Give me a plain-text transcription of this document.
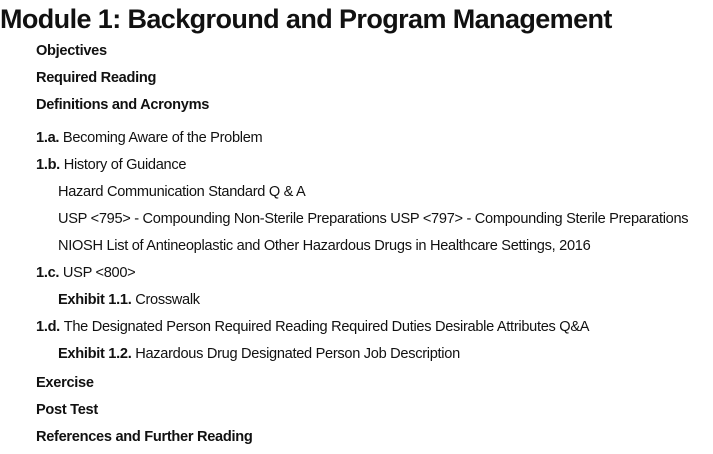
Module 1: Background and Program Management
Objectives
Required Reading
Definitions and Acronyms
1.a. Becoming Aware of the Problem
1.b. History of Guidance
Hazard Communication Standard Q & A
USP <795> - Compounding Non-Sterile Preparations USP <797> - Compounding Sterile Preparations
NIOSH List of Antineoplastic and Other Hazardous Drugs in Healthcare Settings, 2016
1.c. USP <800>
Exhibit 1.1. Crosswalk
1.d. The Designated Person Required Reading Required Duties Desirable Attributes Q&A
Exhibit 1.2. Hazardous Drug Designated Person Job Description
Exercise
Post Test
References and Further Reading
